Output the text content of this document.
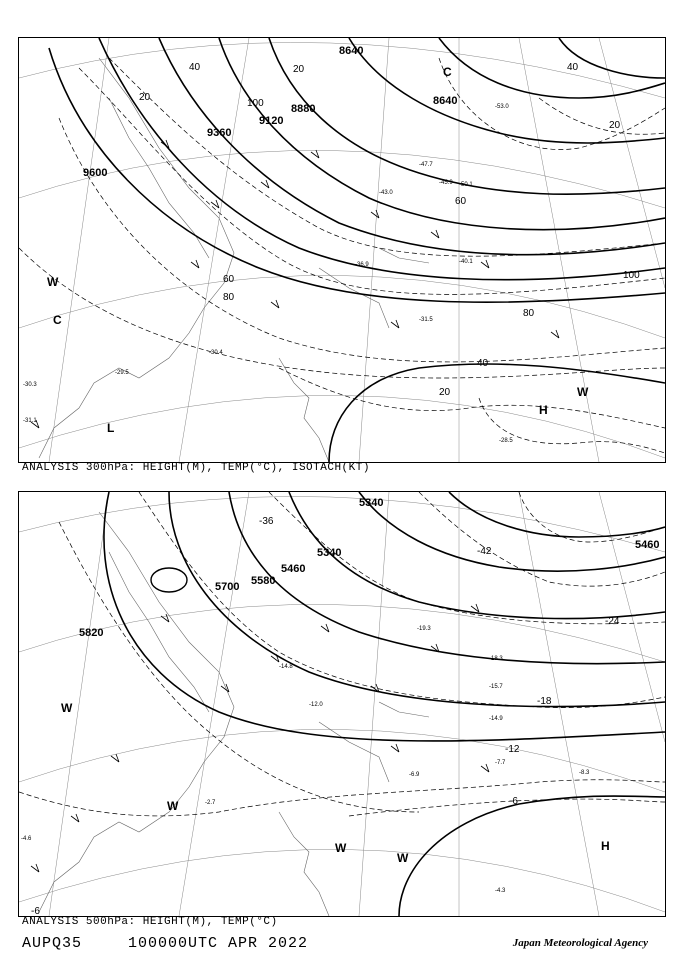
9600
9360
9120
8880
8640
8640
20
40
60
80
100
20	40
60
80
100
20
40
20
-29.5
-30.4
-31.5
-36.9	-40.1
-43.0
-45.9
-47.7
-50.1
-53.0
-30.3
-31.1
-28.5
W
C
L
H
W
C
ANALYSIS 300hPa: HEIGHT(M), TEMP(°C), ISOTACH(KT)
5820
5700 5580
5460
5340
5460
5340
-36
-42
-24
-18
-12
-6
-6
-14.8
-12.0
-19.3
-18.3
-15.7
-14.9
-7.7
-6.9	-8.3
-4.3
-2.7
-4.6
W
W
W
W
H
ANALYSIS 500hPa: HEIGHT(M), TEMP(°C)
AUPQ35	100000UTC APR 2022	Japan Meteorological Agency
